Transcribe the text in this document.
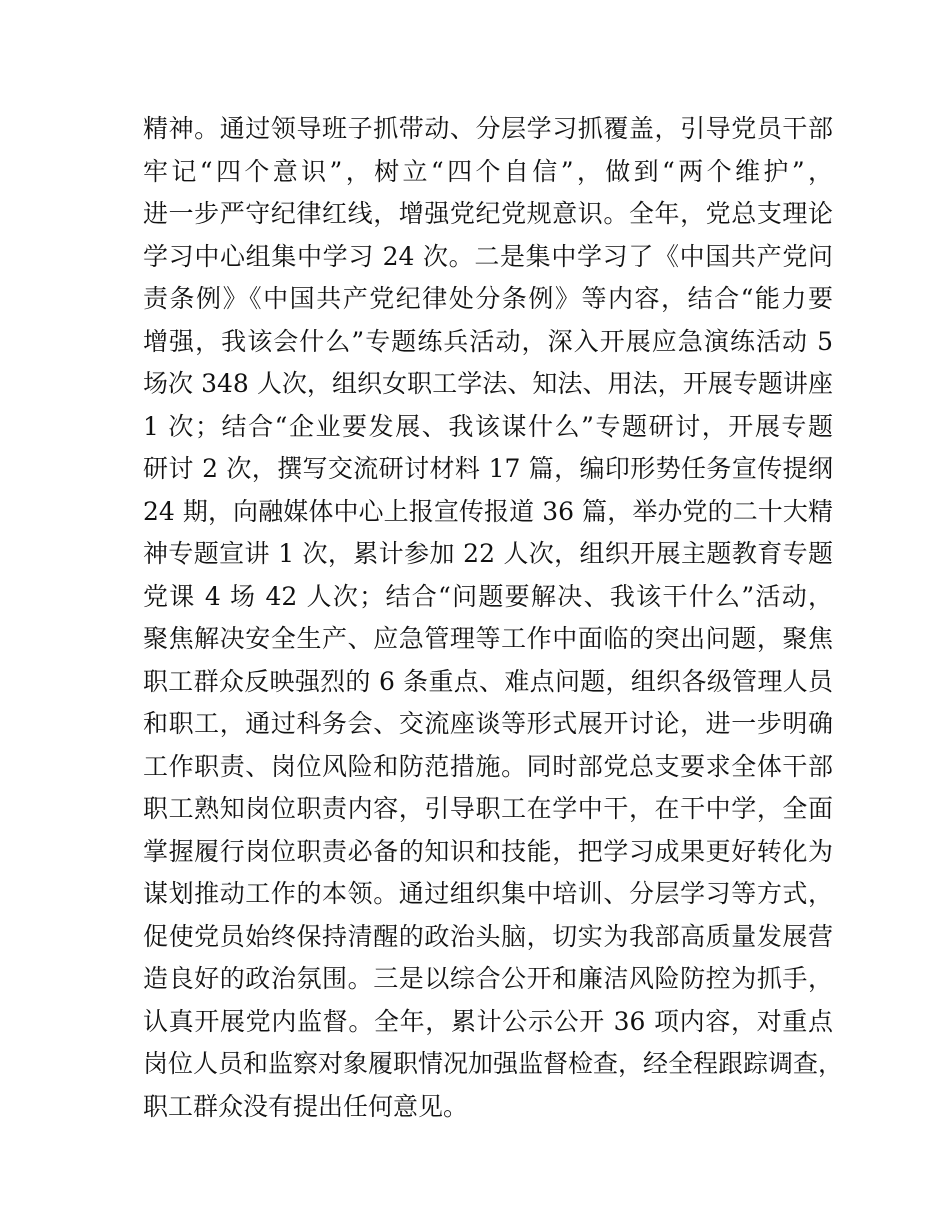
精神。通过领导班子抓带动、分层学习抓覆盖，引导党员干部
牢记“四个意识”，树立“四个自信”，做到“两个维护”，
进一步严守纪律红线，增强党纪党规意识。全年，党总支理论
学习中心组集中学习 24 次。二是集中学习了《中国共产党问
责条例》《中国共产党纪律处分条例》等内容，结合“能力要
增强，我该会什么”专题练兵活动，深入开展应急演练活动 5
场次 348 人次，组织女职工学法、知法、用法，开展专题讲座
1 次；结合“企业要发展、我该谋什么”专题研讨，开展专题
研讨 2 次，撰写交流研讨材料 17 篇，编印形势任务宣传提纲
24 期，向融媒体中心上报宣传报道 36 篇，举办党的二十大精
神专题宣讲 1 次，累计参加 22 人次，组织开展主题教育专题
党课 4 场 42 人次；结合“问题要解决、我该干什么”活动，
聚焦解决安全生产、应急管理等工作中面临的突出问题，聚焦
职工群众反映强烈的 6 条重点、难点问题，组织各级管理人员
和职工，通过科务会、交流座谈等形式展开讨论，进一步明确
工作职责、岗位风险和防范措施。同时部党总支要求全体干部
职工熟知岗位职责内容，引导职工在学中干，在干中学，全面
掌握履行岗位职责必备的知识和技能，把学习成果更好转化为
谋划推动工作的本领。通过组织集中培训、分层学习等方式，
促使党员始终保持清醒的政治头脑，切实为我部高质量发展营
造良好的政治氛围。三是以综合公开和廉洁风险防控为抓手，
认真开展党内监督。全年，累计公示公开 36 项内容，对重点
岗位人员和监察对象履职情况加强监督检查，经全程跟踪调查，
职工群众没有提出任何意见。
